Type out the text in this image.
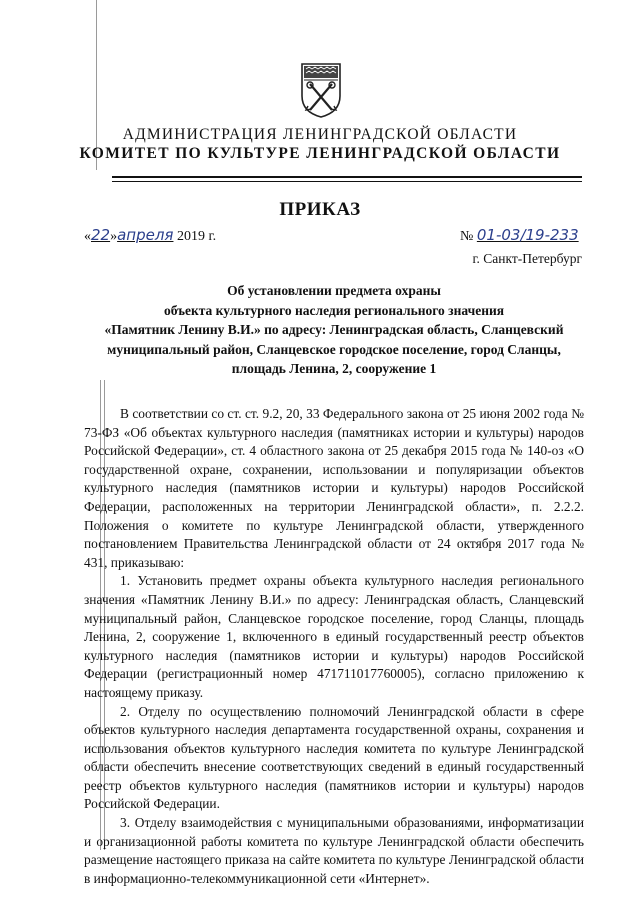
АДМИНИСТРАЦИЯ ЛЕНИНГРАДСКОЙ ОБЛАСТИ
КОМИТЕТ ПО КУЛЬТУРЕ ЛЕНИНГРАДСКОЙ ОБЛАСТИ
ПРИКАЗ
«22»апреля 2019 г.	№ 01-03/19-233
г. Санкт-Петербург
Об установлении предмета охраны
объекта культурного наследия регионального значения
«Памятник Ленину В.И.» по адресу: Ленинградская область, Сланцевский
муниципальный район, Сланцевское городское поселение, город Сланцы,
площадь Ленина, 2, сооружение 1

В соответствии со ст. ст. 9.2, 20, 33 Федерального закона от 25 июня 2002 года № 73-ФЗ «Об объектах культурного наследия (памятниках истории и культуры) народов Российской Федерации», ст. 4 областного закона от 25 декабря 2015 года № 140-оз «О государственной охране, сохранении, использовании и популяризации объектов культурного наследия (памятников истории и культуры) народов Российской Федерации, расположенных на территории Ленинградской области», п. 2.2.2. Положения о комитете по культуре Ленинградской области, утвержденного постановлением Правительства Ленинградской области от 24 октября 2017 года № 431, приказываю:

1. Установить предмет охраны объекта культурного наследия регионального значения «Памятник Ленину В.И.» по адресу: Ленинградская область, Сланцевский муниципальный район, Сланцевское городское поселение, город Сланцы, площадь Ленина, 2, сооружение 1, включенного в единый государственный реестр объектов культурного наследия (памятников истории и культуры) народов Российской Федерации (регистрационный номер 471711017760005), согласно приложению к настоящему приказу.

2. Отделу по осуществлению полномочий Ленинградской области в сфере объектов культурного наследия департамента государственной охраны, сохранения и использования объектов культурного наследия комитета по культуре Ленинградской области обеспечить внесение соответствующих сведений в единый государственный реестр объектов культурного наследия (памятников истории и культуры) народов Российской Федерации.

3. Отделу взаимодействия с муниципальными образованиями, информатизации и организационной работы комитета по культуре Ленинградской области обеспечить размещение настоящего приказа на сайте комитета по культуре Ленинградской области в информационно-телекоммуникационной сети «Интернет».
